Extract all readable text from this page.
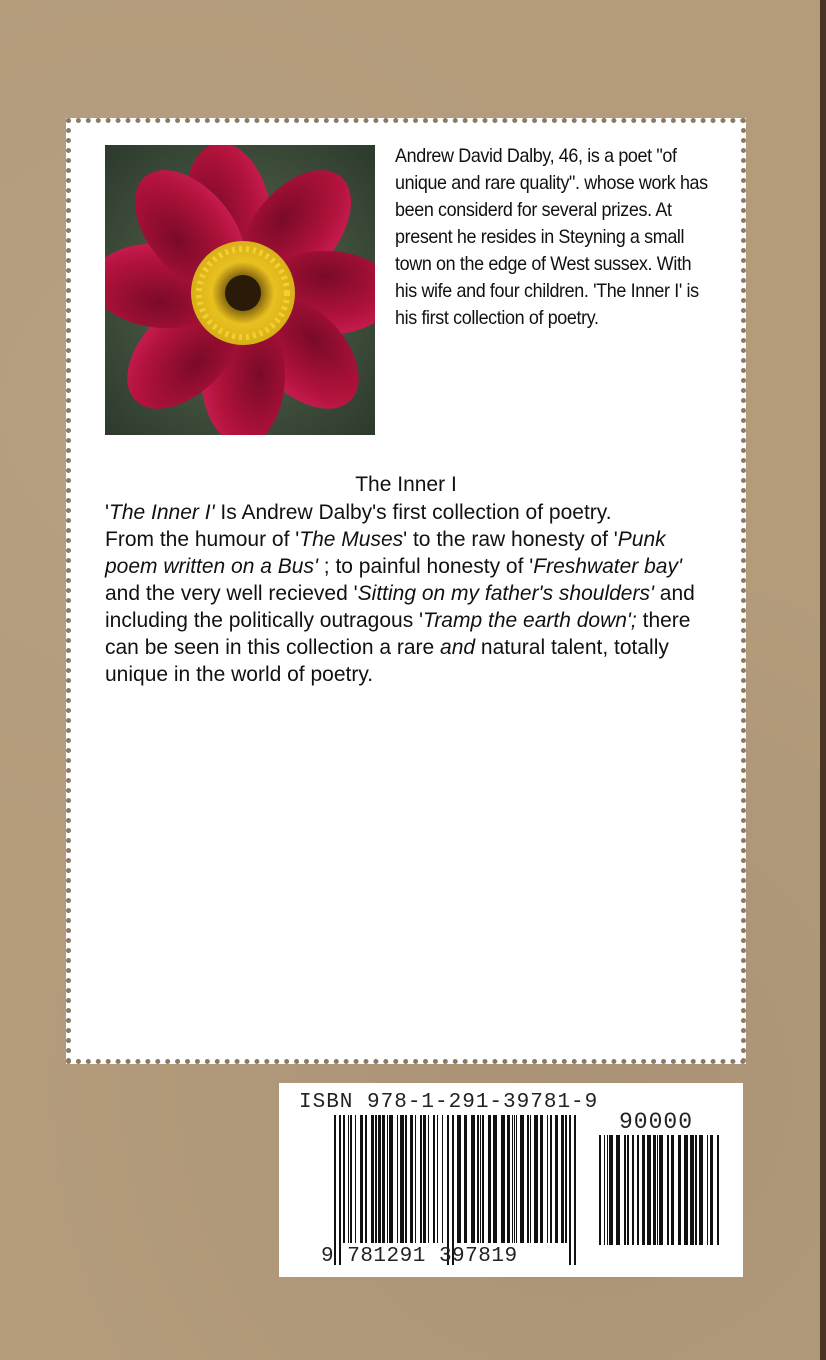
Andrew David Dalby, 46, is a poet "of unique and rare quality". whose work has been considerd for several prizes. At present he resides in Steyning a small town on the edge of West sussex. With his wife and four children. 'The Inner I' is his first collection of poetry.
The Inner I

'The Inner I' Is Andrew Dalby's first collection of poetry.

From the humour of 'The Muses' to the raw honesty of 'Punk poem written on a Bus' ; to painful honesty of 'Freshwater bay' and the very well recieved 'Sitting on my father's shoulders' and including the politically outragous 'Tramp the earth down'; there can be seen in this collection a rare and natural talent, totally unique in the world of poetry.

ISBN 978-1-291-39781-9
90000
9 781291 397819
